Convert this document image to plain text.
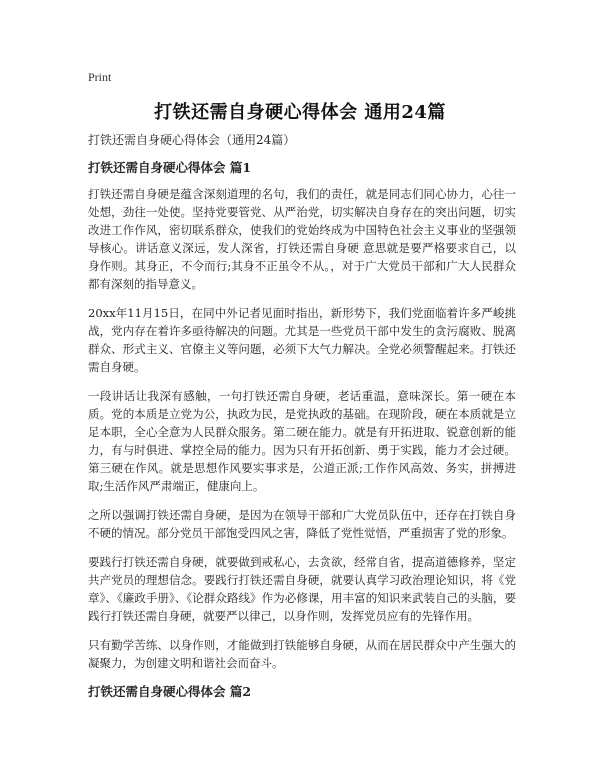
Print
打铁还需自身硬心得体会 通用24篇

打铁还需自身硬心得体会（通用24篇）

打铁还需自身硬心得体会 篇1

打铁还需自身硬是蕴含深刻道理的名句，我们的责任，就是同志们同心协力，心往一处想，劲往一处使。坚持党要管党、从严治党，切实解决自身存在的突出问题，切实改进工作作风，密切联系群众，使我们的党始终成为中国特色社会主义事业的坚强领导核心。讲话意义深远，发人深省，打铁还需自身硬 意思就是要严格要求自己，以身作则。其身正，不令而行;其身不正虽令不从。，对于广大党员干部和广大人民群众都有深刻的指导意义。

20xx年11月15日，在同中外记者见面时指出，新形势下，我们党面临着许多严峻挑战，党内存在着许多亟待解决的问题。尤其是一些党员干部中发生的贪污腐败、脱离群众、形式主义、官僚主义等问题，必须下大气力解决。全党必须警醒起来。打铁还需自身硬。

一段讲话让我深有感触，一句打铁还需自身硬，老话重温，意味深长。第一硬在本质。党的本质是立党为公，执政为民，是党执政的基础。在现阶段，硬在本质就是立足本职，全心全意为人民群众服务。第二硬在能力。就是有开拓进取、锐意创新的能力，有与时俱进、掌控全局的能力。因为只有开拓创新、勇于实践，能力才会过硬。第三硬在作风。就是思想作风要实事求是，公道正派;工作作风高效、务实，拼搏进取;生活作风严肃端正，健康向上。

之所以强调打铁还需自身硬，是因为在领导干部和广大党员队伍中，还存在打铁自身不硬的情况。部分党员干部饱受四风之害，降低了党性觉悟，严重损害了党的形象。

要践行打铁还需自身硬，就要做到戒私心，去贪欲，经常自省，提高道德修养，坚定共产党员的理想信念。要践行打铁还需自身硬，就要认真学习政治理论知识，将《党章》、《廉政手册》、《论群众路线》作为必修课，用丰富的知识来武装自己的头脑，要践行打铁还需自身硬，就要严以律己，以身作则，发挥党员应有的先锋作用。

只有勤学苦练、以身作则，才能做到打铁能够自身硬，从而在居民群众中产生强大的凝聚力，为创建文明和谐社会而奋斗。

打铁还需自身硬心得体会 篇2
